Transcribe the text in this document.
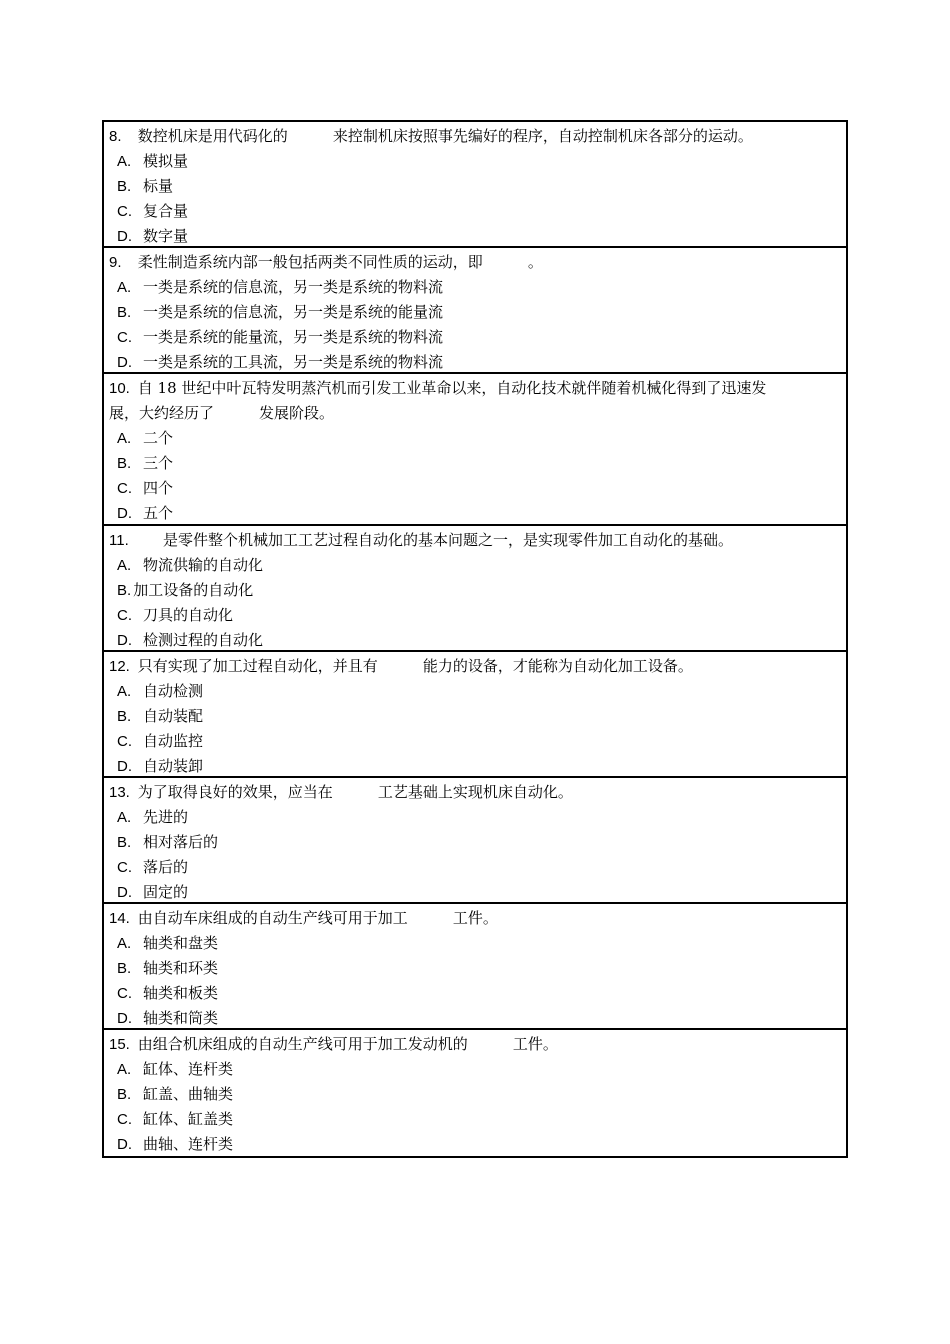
8. 数控机床是用代码化的　　　	来控制机床按照事先编好的程序，自动控制机床各部分的运动。
A. 模拟量
B. 标量
C. 复合量
D. 数字量
9. 柔性制造系统内部一般包括两类不同性质的运动，即　　　	。
A. 一类是系统的信息流，另一类是系统的物料流
B. 一类是系统的信息流，另一类是系统的能量流
C. 一类是系统的能量流，另一类是系统的物料流
D. 一类是系统的工具流，另一类是系统的物料流
10. 自 18 世纪中叶瓦特发明蒸汽机而引发工业革命以来，自动化技术就伴随着机械化得到了迅速发
展，大约经历了　　　	发展阶段。
A. 二个
B. 三个
C. 四个
D. 五个
11.　　 是零件整个机械加工工艺过程自动化的基本问题之一，是实现零件加工自动化的基础。
A. 物流供输的自动化
B. 加工设备的自动化
C. 刀具的自动化
D. 检测过程的自动化
12. 只有实现了加工过程自动化，并且有　　　	能力的设备，才能称为自动化加工设备。
A. 自动检测
B. 自动装配
C. 自动监控
D. 自动装卸
13. 为了取得良好的效果，应当在　　　	工艺基础上实现机床自动化。
A. 先进的
B. 相对落后的
C. 落后的
D. 固定的
14. 由自动车床组成的自动生产线可用于加工　　　	工件。
A. 轴类和盘类
B. 轴类和环类
C. 轴类和板类
D. 轴类和筒类
15. 由组合机床组成的自动生产线可用于加工发动机的　　　	工件。
A. 缸体、连杆类
B. 缸盖、曲轴类
C. 缸体、缸盖类
D. 曲轴、连杆类
